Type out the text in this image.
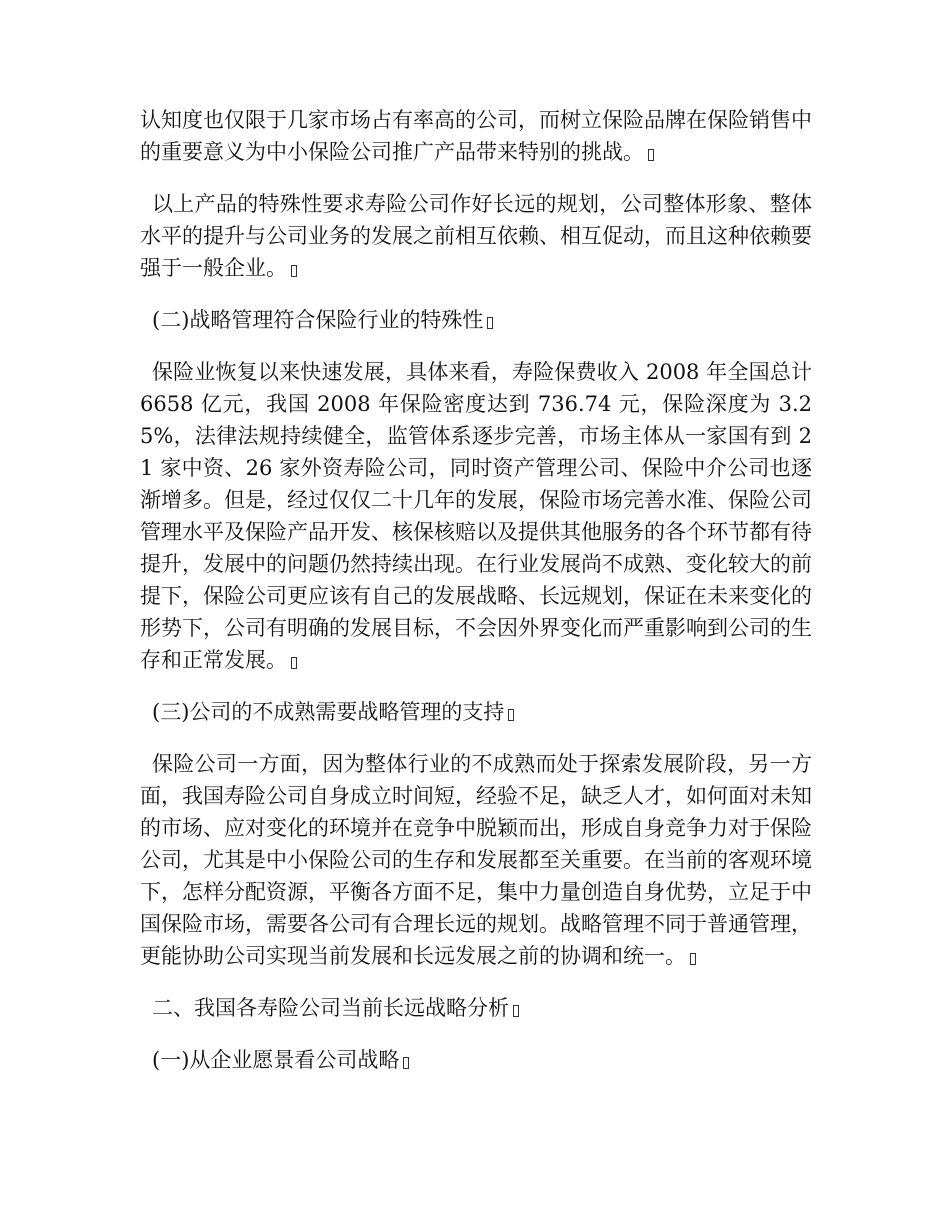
认知度也仅限于几家市场占有率高的公司，而树立保险品牌在保险销售中的重要意义为中小保险公司推广产品带来特别的挑战。

以上产品的特殊性要求寿险公司作好长远的规划，公司整体形象、整体水平的提升与公司业务的发展之前相互依赖、相互促动，而且这种依赖要强于一般企业。

(二)战略管理符合保险行业的特殊性

保险业恢复以来快速发展，具体来看，寿险保费收入 2008 年全国总计 6658 亿元，我国 2008 年保险密度达到 736.74 元，保险深度为 3.25%，法律法规持续健全，监管体系逐步完善，市场主体从一家国有到 21 家中资、26 家外资寿险公司，同时资产管理公司、保险中介公司也逐渐增多。但是，经过仅仅二十几年的发展，保险市场完善水准、保险公司管理水平及保险产品开发、核保核赔以及提供其他服务的各个环节都有待提升，发展中的问题仍然持续出现。在行业发展尚不成熟、变化较大的前提下，保险公司更应该有自己的发展战略、长远规划，保证在未来变化的形势下，公司有明确的发展目标，不会因外界变化而严重影响到公司的生存和正常发展。

(三)公司的不成熟需要战略管理的支持

保险公司一方面，因为整体行业的不成熟而处于探索发展阶段，另一方面，我国寿险公司自身成立时间短，经验不足，缺乏人才，如何面对未知的市场、应对变化的环境并在竞争中脱颖而出，形成自身竞争力对于保险公司，尤其是中小保险公司的生存和发展都至关重要。在当前的客观环境下，怎样分配资源，平衡各方面不足，集中力量创造自身优势，立足于中国保险市场，需要各公司有合理长远的规划。战略管理不同于普通管理，更能协助公司实现当前发展和长远发展之前的协调和统一。

二、我国各寿险公司当前长远战略分析

(一)从企业愿景看公司战略
